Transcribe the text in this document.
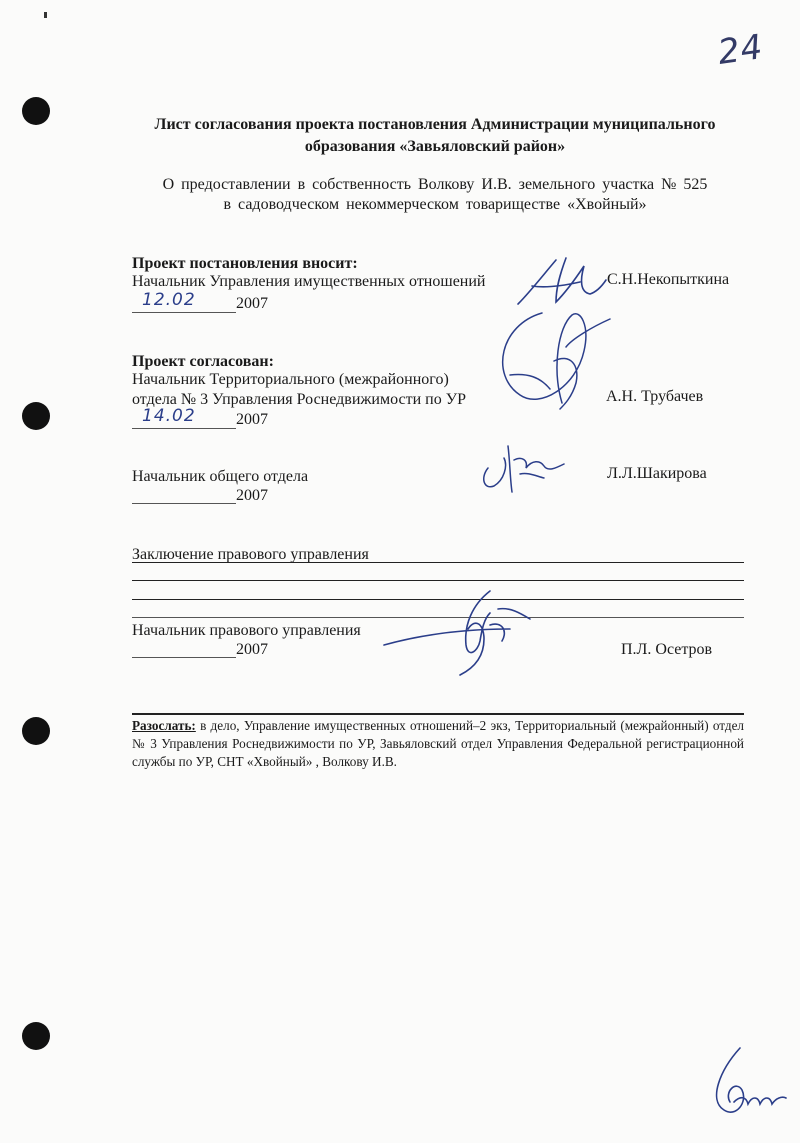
24
Лист согласования проекта постановления Администрации муниципального
образования «Завьяловский район»
О предоставлении в собственность Волкову И.В. земельного участка № 525
в садоводческом некоммерческом товариществе «Хвойный»
Проект постановления вносит:
Начальник Управления имущественных отношений
12.02	2007
С.Н.Некопыткина
Проект согласован:
Начальник Территориального (межрайонного)
отдела № 3 Управления Роснедвижимости по УР
14.02	2007
А.Н. Трубачев
Начальник общего отдела
2007
Л.Л.Шакирова
Заключение правового управления
Начальник правового управления
2007	П.Л. Осетров
Разослать: в дело, Управление имущественных отношений–2 экз, Территориальный (межрайонный) отдел № 3 Управления Роснедвижимости по УР, Завьяловский отдел Управления Федеральной регистрационной службы по УР, СНТ «Хвойный» , Волкову И.В.
